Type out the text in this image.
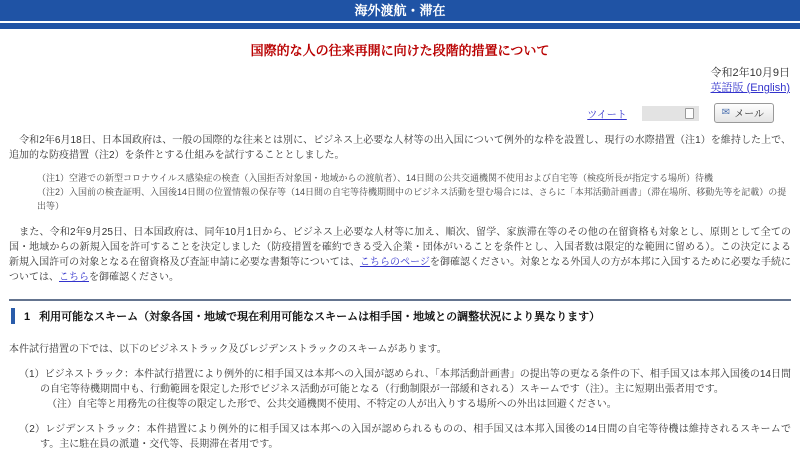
海外渡航・滞在
国際的な人の往来再開に向けた段階的措置について
令和2年10月9日
英語版 (English)
ツイート	✉ メール
　令和2年6月18日、日本国政府は、一般の国際的な往来とは別に、ビジネス上必要な人材等の出入国について例外的な枠を設置し、現行の水際措置（注1）を維持した上で、追加的な防疫措置（注2）を条件とする仕組みを試行することとしました。
（注1）空港での新型コロナウイルス感染症の検査（入国拒否対象国・地域からの渡航者）、14日間の公共交通機関不使用および自宅等（検疫所長が指定する場所）待機
（注2）入国前の検査証明、入国後14日間の位置情報の保存等（14日間の自宅等待機期間中のビジネス活動を望む場合には、さらに「本邦活動計画書」（滞在場所、移動先等を記載）の提出等）
　また、令和2年9月25日、日本国政府は、同年10月1日から、ビジネス上必要な人材等に加え、順次、留学、家族滞在等のその他の在留資格も対象とし、原則として全ての国・地域からの新規入国を許可することを決定しました（防疫措置を確約できる受入企業・団体がいることを条件とし、入国者数は限定的な範囲に留める）。この決定による新規入国許可の対象となる在留資格及び査証申請に必要な書類等については、こちらのページを御確認ください。対象となる外国人の方が本邦に入国するために必要な手続については、こちらを御確認ください。
1 利用可能なスキーム（対象各国・地域で現在利用可能なスキームは相手国・地域との調整状況により異なります）
本件試行措置の下では、以下のビジネストラック及びレジデンストラックのスキームがあります。
（1）ビジネストラック：本件試行措置により例外的に相手国又は本邦への入国が認められ、「本邦活動計画書」の提出等の更なる条件の下、相手国又は本邦入国後の14日間の自宅等待機期間中も、行動範囲を限定した形でビジネス活動が可能となる（行動制限が一部緩和される）スキームです（注）。主に短期出張者用です。
（注）自宅等と用務先の往復等の限定した形で、公共交通機関不使用、不特定の人が出入りする場所への外出は回避ください。
（2）レジデンストラック：本件措置により例外的に相手国又は本邦への入国が認められるものの、相手国又は本邦入国後の14日間の自宅等待機は維持されるスキームです。主に駐在員の派遣・交代等、長期滞在者用です。
